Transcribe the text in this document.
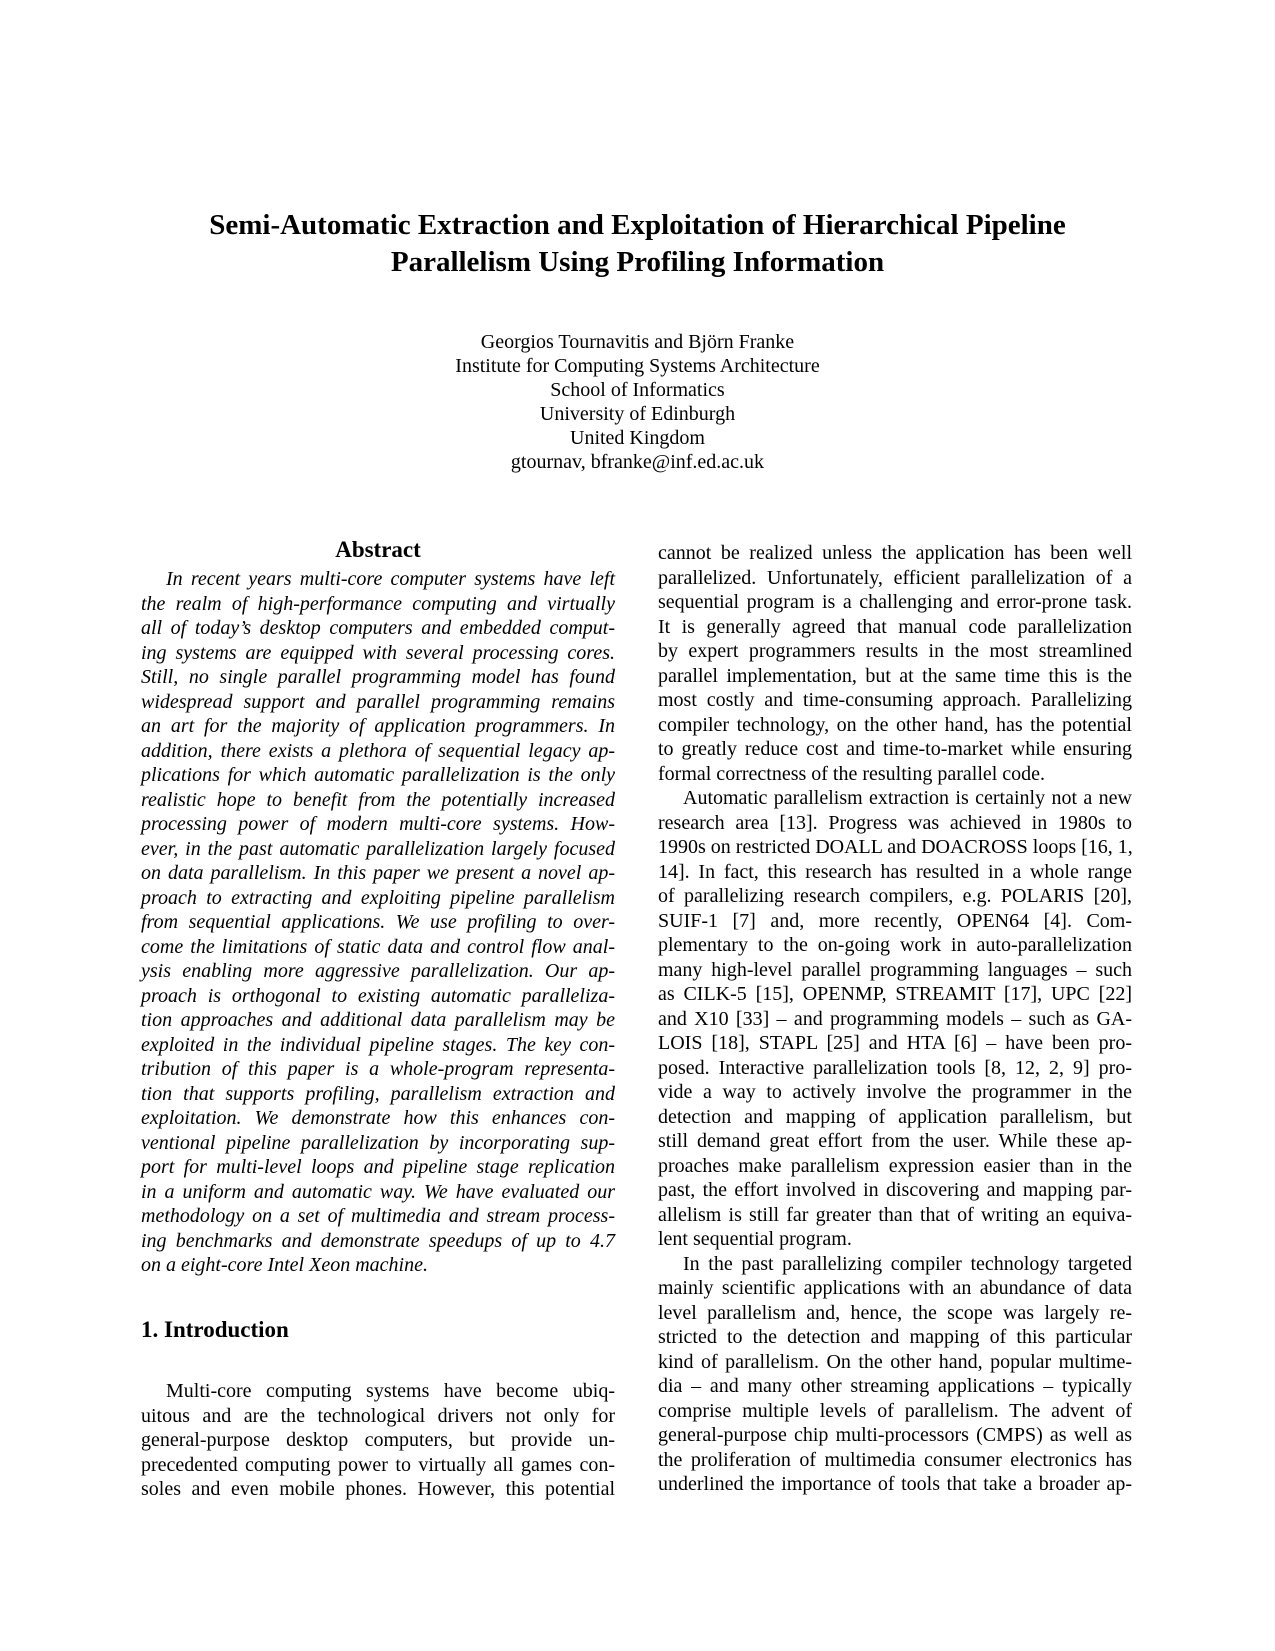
Semi-Automatic Extraction and Exploitation of Hierarchical Pipeline
Parallelism Using Profiling Information
Georgios Tournavitis and Björn Franke
Institute for Computing Systems Architecture
School of Informatics
University of Edinburgh
United Kingdom
gtournav, bfranke@inf.ed.ac.uk
Abstract
In recent years multi-core computer systems have left
the realm of high-performance computing and virtually
all of today’s desktop computers and embedded comput-
ing systems are equipped with several processing cores.
Still, no single parallel programming model has found
widespread support and parallel programming remains
an art for the majority of application programmers. In
addition, there exists a plethora of sequential legacy ap-
plications for which automatic parallelization is the only
realistic hope to benefit from the potentially increased
processing power of modern multi-core systems. How-
ever, in the past automatic parallelization largely focused
on data parallelism. In this paper we present a novel ap-
proach to extracting and exploiting pipeline parallelism
from sequential applications. We use profiling to over-
come the limitations of static data and control flow anal-
ysis enabling more aggressive parallelization. Our ap-
proach is orthogonal to existing automatic paralleliza-
tion approaches and additional data parallelism may be
exploited in the individual pipeline stages. The key con-
tribution of this paper is a whole-program representa-
tion that supports profiling, parallelism extraction and
exploitation. We demonstrate how this enhances con-
ventional pipeline parallelization by incorporating sup-
port for multi-level loops and pipeline stage replication
in a uniform and automatic way. We have evaluated our
methodology on a set of multimedia and stream process-
ing benchmarks and demonstrate speedups of up to 4.7
on a eight-core Intel Xeon machine.
1. Introduction
Multi-core computing systems have become ubiq-
uitous and are the technological drivers not only for
general-purpose desktop computers, but provide un-
precedented computing power to virtually all games con-
soles and even mobile phones. However, this potential
cannot be realized unless the application has been well
parallelized. Unfortunately, efficient parallelization of a
sequential program is a challenging and error-prone task.
It is generally agreed that manual code parallelization
by expert programmers results in the most streamlined
parallel implementation, but at the same time this is the
most costly and time-consuming approach. Parallelizing
compiler technology, on the other hand, has the potential
to greatly reduce cost and time-to-market while ensuring
formal correctness of the resulting parallel code.
Automatic parallelism extraction is certainly not a new
research area [13]. Progress was achieved in 1980s to
1990s on restricted DOALL and DOACROSS loops [16, 1,
14]. In fact, this research has resulted in a whole range
of parallelizing research compilers, e.g. POLARIS [20],
SUIF-1 [7] and, more recently, OPEN64 [4]. Com-
plementary to the on-going work in auto-parallelization
many high-level parallel programming languages – such
as CILK-5 [15], OPENMP, STREAMIT [17], UPC [22]
and X10 [33] – and programming models – such as GA-
LOIS [18], STAPL [25] and HTA [6] – have been pro-
posed. Interactive parallelization tools [8, 12, 2, 9] pro-
vide a way to actively involve the programmer in the
detection and mapping of application parallelism, but
still demand great effort from the user. While these ap-
proaches make parallelism expression easier than in the
past, the effort involved in discovering and mapping par-
allelism is still far greater than that of writing an equiva-
lent sequential program.
In the past parallelizing compiler technology targeted
mainly scientific applications with an abundance of data
level parallelism and, hence, the scope was largely re-
stricted to the detection and mapping of this particular
kind of parallelism. On the other hand, popular multime-
dia – and many other streaming applications – typically
comprise multiple levels of parallelism. The advent of
general-purpose chip multi-processors (CMPS) as well as
the proliferation of multimedia consumer electronics has
underlined the importance of tools that take a broader ap-
